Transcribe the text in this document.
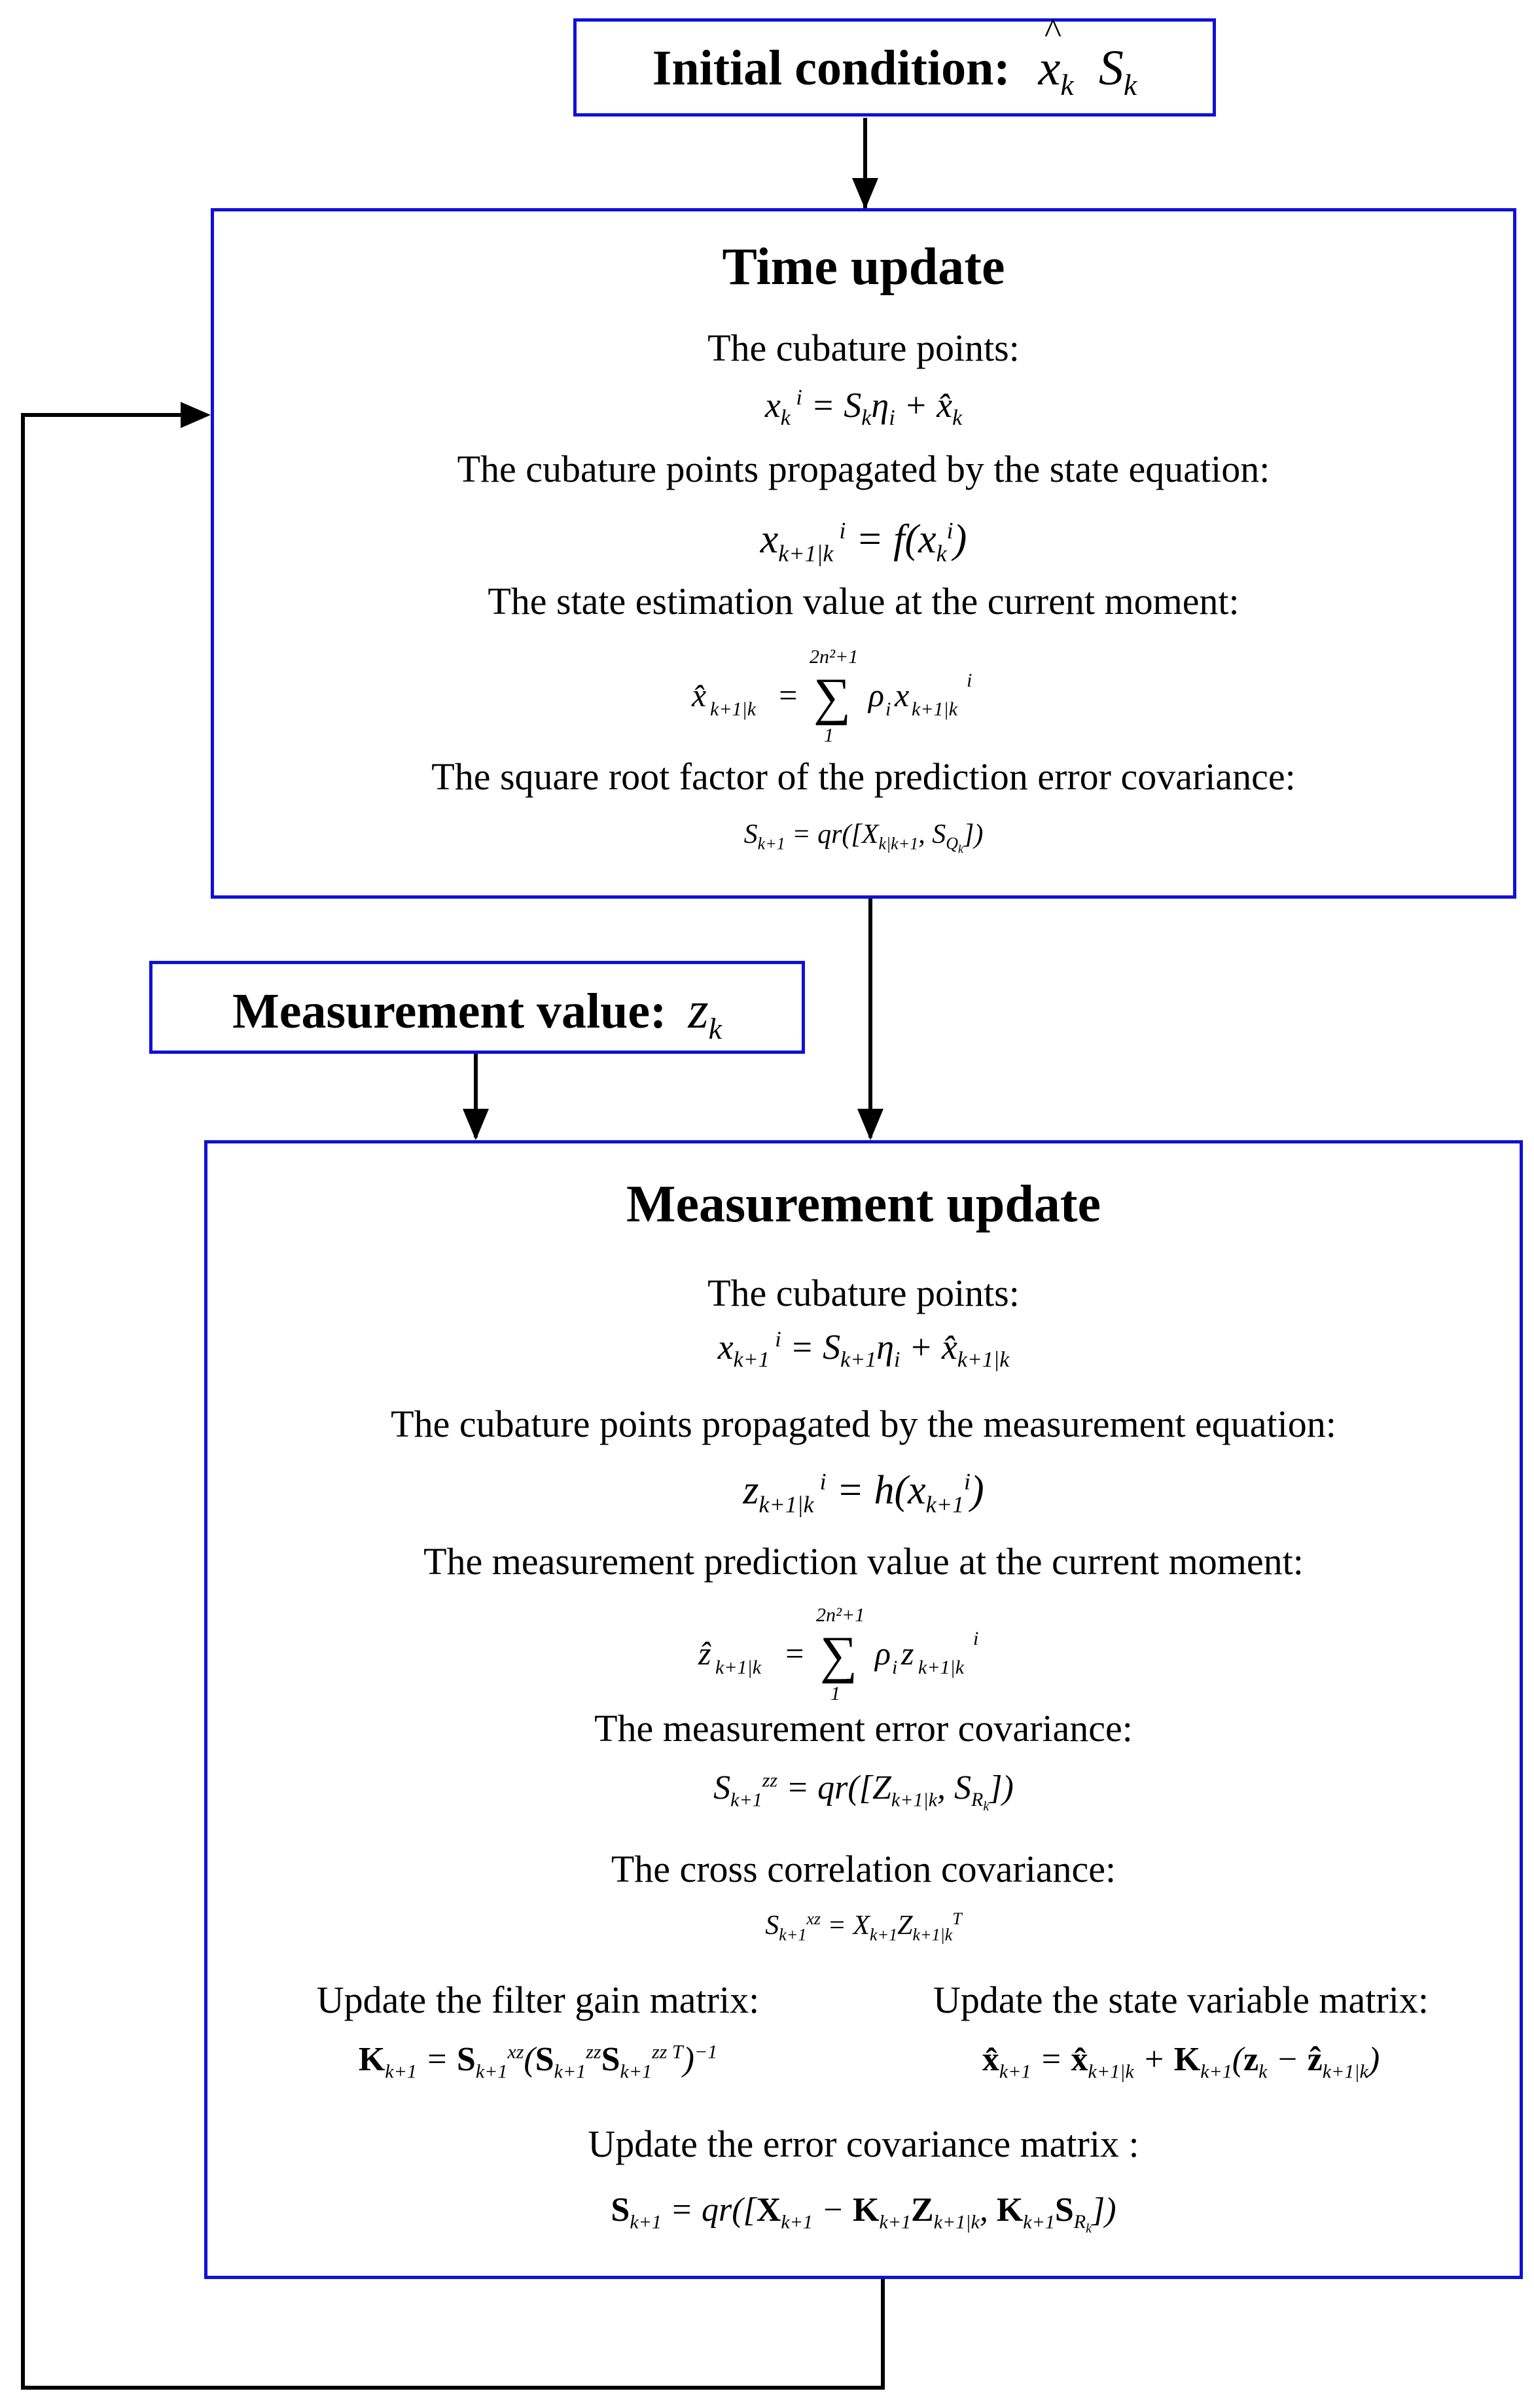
Initial condition: x
^
$_k$  $S_k$
Time update
The cubature points:
$x_k$ $^i = S_k\eta_i$ + $x̂_k$
The cubature points propagated by the state equation:
$x_{k+1|k}$ $^i = f(x_k^i)$
The state estimation value at the current moment:
x̂ k+1|k =
2n²+1
∑
1
ρ i x k+1|k
i
The square root factor of the prediction error covariance:
$S_{k+1} = qr([X_{k|k+1}$, $S_{Q_k}$])
Measurement value: $z_k$
Measurement update
The cubature points:
$x_{k+1}$ $^i = S_{k+1}\eta_i$ + $x̂_{k+1|k}$
The cubature points propagated by the measurement equation:
$z_{k+1|k}$ $^i = h(x_{k+1}^i)$
The measurement prediction value at the current moment:
ẑ k+1|k =
2n²+1
∑
1
ρ i z k+1|k
i
The measurement error covariance:
$S_{k+1}^{zz} = qr([Z_{k+1|k}$, $S_{R_k}$])
The cross correlation covariance:
$S_{k+1}^{xz} = X_{k+1}Z_{k+1|k}^T$
Update the filter gain matrix:	Update the state variable matrix:
$K_{k+1} = S_{k+1}^{xz}(S_{k+1}^{zz}S_{k+1}^{zz T})^{-1}$	$x̂_{k+1}$ = $x̂_{k+1|k} + K_{k+1}(z_k$ − ẑ$_{k+1|k}$)
Update the error covariance matrix :
$S_{k+1} = qr([X_{k+1} - K_{k+1}Z_{k+1|k}$, $K_{k+1}S_{R_k}$])
